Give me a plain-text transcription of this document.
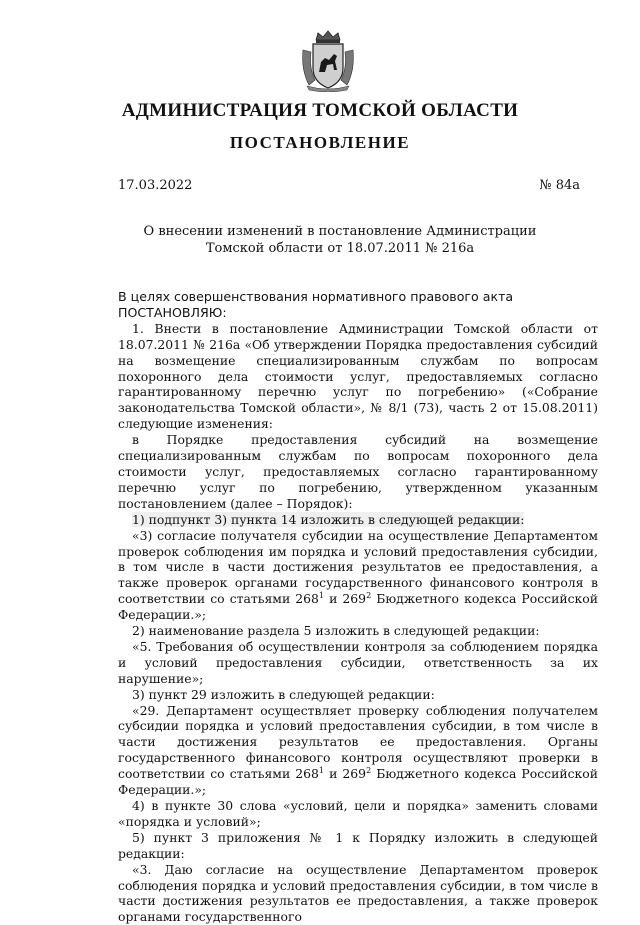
АДМИНИСТРАЦИЯ ТОМСКОЙ ОБЛАСТИ
ПОСТАНОВЛЕНИЕ
17.03.2022	№ 84а
О внесении изменений в постановление Администрации
Томской области от 18.07.2011 № 216а

В целях совершенствования нормативного правового акта

ПОСТАНОВЛЯЮ:

1. Внести в постановление Администрации Томской области от 18.07.2011 № 216а «Об утверждении Порядка предоставления субсидий на возмещение специализированным службам по вопросам похоронного дела стоимости услуг, предоставляемых согласно гарантированному перечню услуг по погребению» («Собрание законодательства Томской области», № 8/1 (73), часть 2 от 15.08.2011) следующие изменения:

в Порядке предоставления субсидий на возмещение специализированным службам по вопросам похоронного дела стоимости услуг, предоставляемых согласно гарантированному перечню услуг по погребению, утвержденном указанным постановлением (далее – Порядок):

1) подпункт 3) пункта 14 изложить в следующей редакции:

«3) согласие получателя субсидии на осуществление Департаментом проверок соблюдения им порядка и условий предоставления субсидии, в том числе в части достижения результатов ее предоставления, а также проверок органами государственного финансового контроля в соответствии со статьями $268^1$ и $269^2$ Бюджетного кодекса Российской Федерации.»;

2) наименование раздела 5 изложить в следующей редакции:

«5. Требования об осуществлении контроля за соблюдением порядка и условий предоставления субсидии, ответственность за их нарушение»;

3) пункт 29 изложить в следующей редакции:

«29. Департамент осуществляет проверку соблюдения получателем субсидии порядка и условий предоставления субсидии, в том числе в части достижения результатов ее предоставления. Органы государственного финансового контроля осуществляют проверки в соответствии со статьями $268^1$ и $269^2$ Бюджетного кодекса Российской Федерации.»;

4) в пункте 30 слова «условий, цели и порядка» заменить словами «порядка и условий»;

5) пункт 3 приложения № 1 к Порядку изложить в следующей редакции:

«3. Даю согласие на осуществление Департаментом проверок соблюдения порядка и условий предоставления субсидии, в том числе в части достижения результатов ее предоставления, а также проверок органами государственного
